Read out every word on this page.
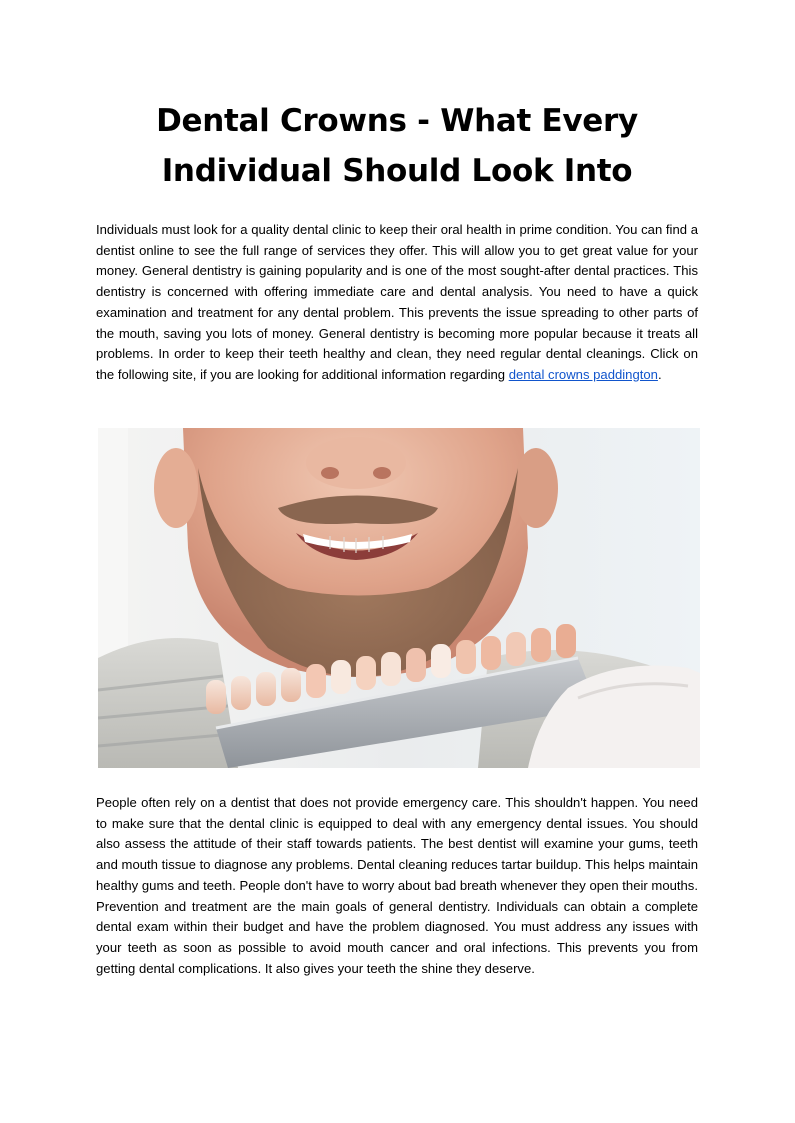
Dental Crowns - What Every Individual Should Look Into

Individuals must look for a quality dental clinic to keep their oral health in prime condition. You can find a dentist online to see the full range of services they offer. This will allow you to get great value for your money. General dentistry is gaining popularity and is one of the most sought-after dental practices. This dentistry is concerned with offering immediate care and dental analysis. You need to have a quick examination and treatment for any dental problem. This prevents the issue spreading to other parts of the mouth, saving you lots of money. General dentistry is becoming more popular because it treats all problems. In order to keep their teeth healthy and clean, they need regular dental cleanings. Click on the following site, if you are looking for additional information regarding dental crowns paddington.

People often rely on a dentist that does not provide emergency care. This shouldn't happen. You need to make sure that the dental clinic is equipped to deal with any emergency dental issues. You should also assess the attitude of their staff towards patients. The best dentist will examine your gums, teeth and mouth tissue to diagnose any problems. Dental cleaning reduces tartar buildup. This helps maintain healthy gums and teeth. People don't have to worry about bad breath whenever they open their mouths. Prevention and treatment are the main goals of general dentistry. Individuals can obtain a complete dental exam within their budget and have the problem diagnosed. You must address any issues with your teeth as soon as possible to avoid mouth cancer and oral infections. This prevents you from getting dental complications. It also gives your teeth the shine they deserve.
